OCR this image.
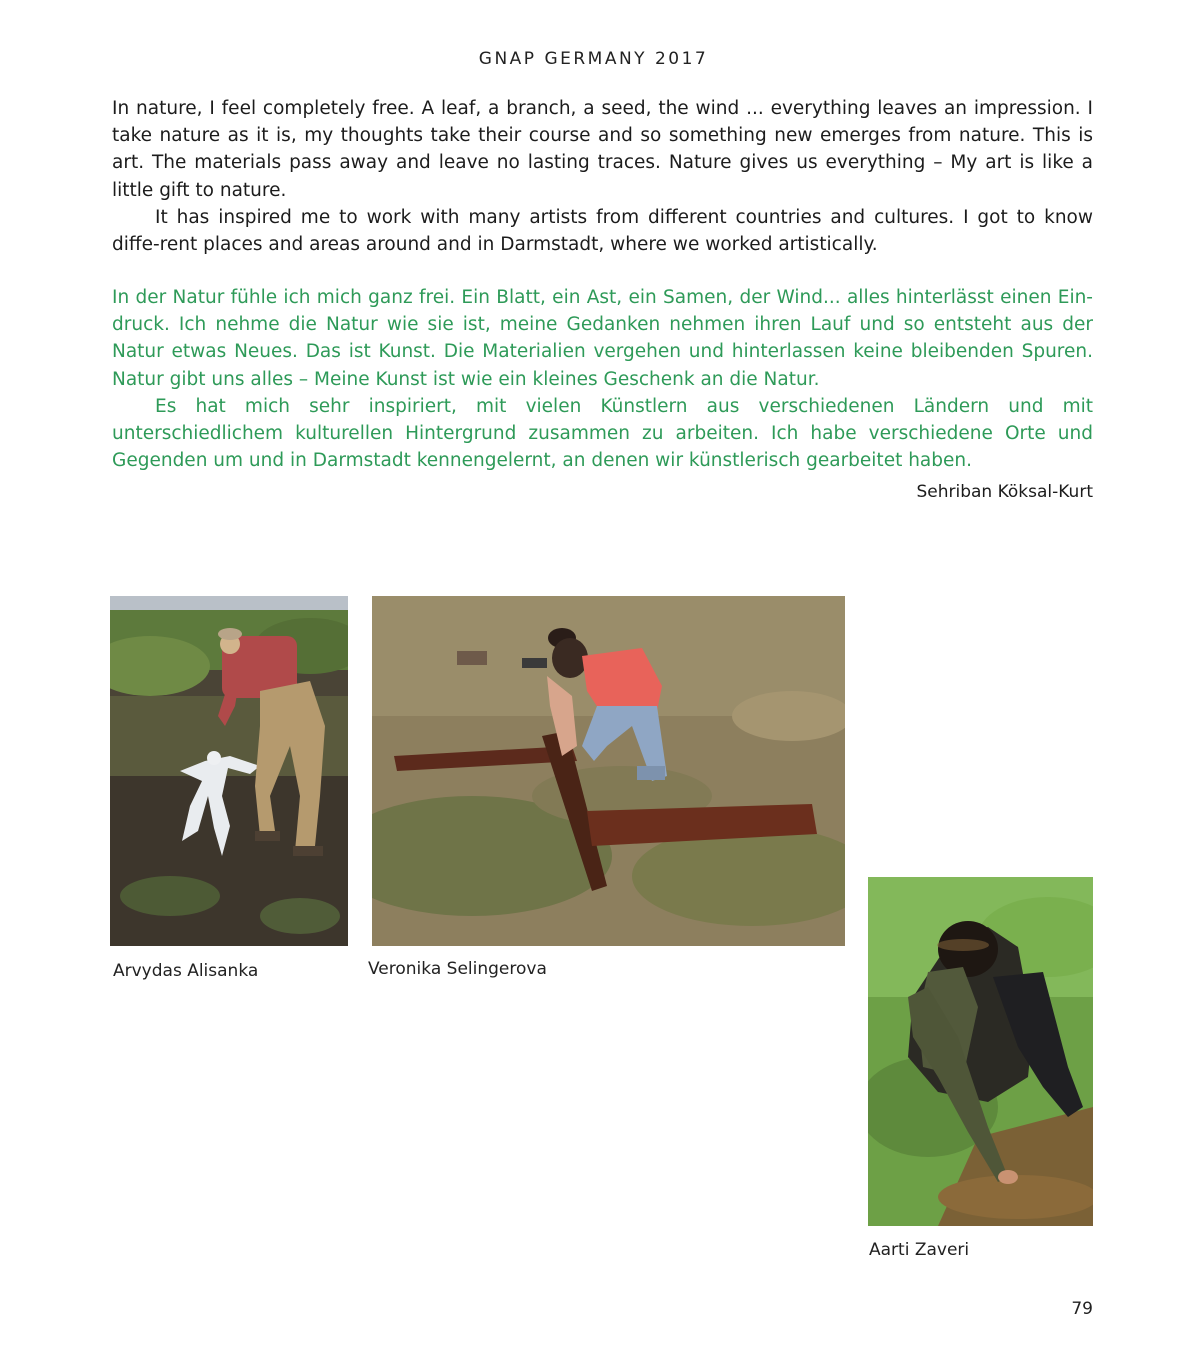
GNAP GERMANY 2017

In nature, I feel completely free. A leaf, a branch, a seed, the wind ... everything leaves an impression. I take nature as it is, my thoughts take their course and so something new emerges from nature. This is art. The materials pass away and leave no lasting traces. Nature gives us everything – My art is like a little gift to nature.

It has inspired me to work with many artists from different countries and cultures. I got to know diffe-rent places and areas around and in Darmstadt, where we worked artistically.

In der Natur fühle ich mich ganz frei. Ein Blatt, ein Ast, ein Samen, der Wind... alles hinterlässt einen Ein-druck. Ich nehme die Natur wie sie ist, meine Gedanken nehmen ihren Lauf und so entsteht aus der Natur etwas Neues. Das ist Kunst. Die Materialien vergehen und hinterlassen keine bleibenden Spuren. Natur gibt uns alles – Meine Kunst ist wie ein kleines Geschenk an die Natur.

Es hat mich sehr inspiriert, mit vielen Künstlern aus verschiedenen Ländern und mit unterschiedlichem kulturellen Hintergrund zusammen zu arbeiten. Ich habe verschiedene Orte und Gegenden um und in Darmstadt kennengelernt, an denen wir künstlerisch gearbeitet haben.

Sehriban Köksal-Kurt
Arvydas Alisanka	Veronika Selingerova
Aarti Zaveri
79
